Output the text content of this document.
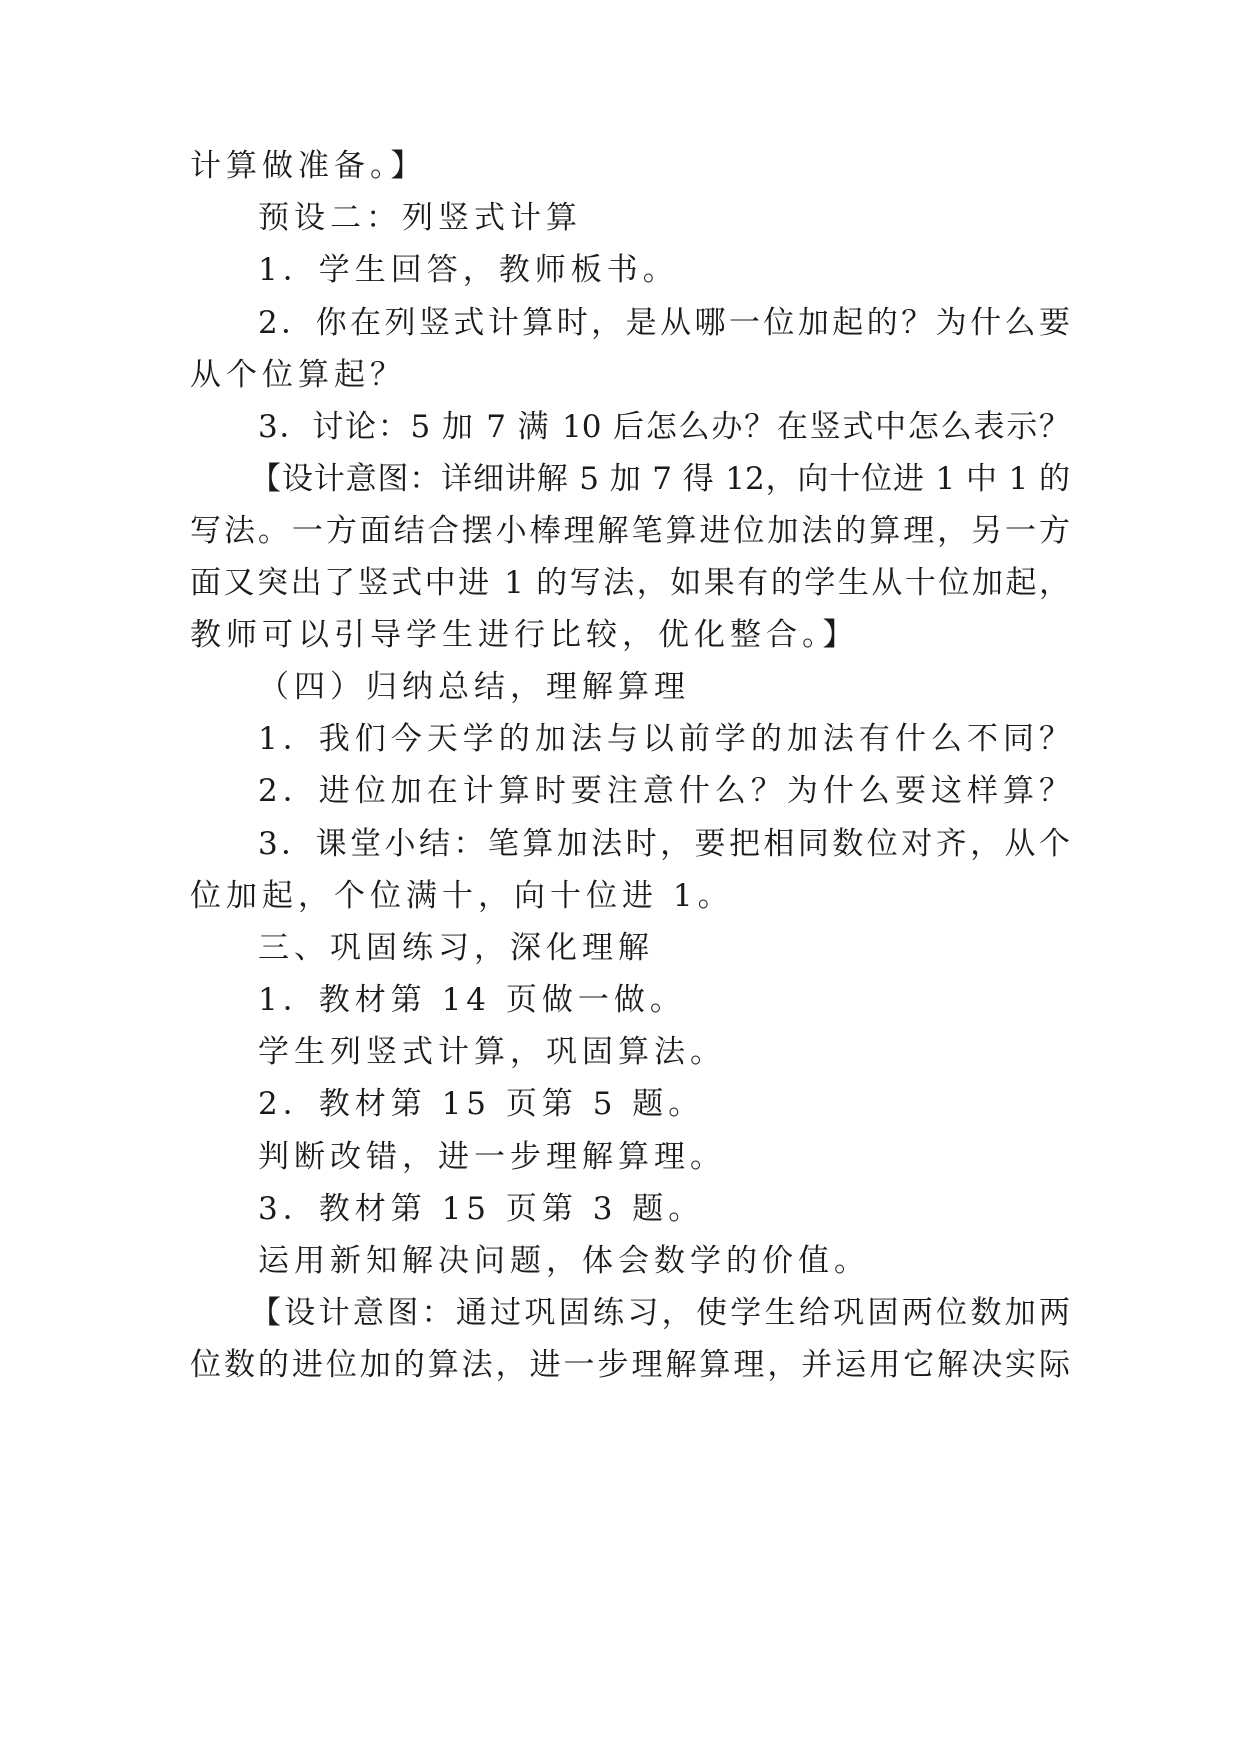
计算做准备。】
预设二：列竖式计算
1．学生回答，教师板书。
2．你在列竖式计算时，是从哪一位加起的？为什么要
从个位算起？
3．讨论：5 加 7 满 10 后怎么办？在竖式中怎么表示？
【设计意图：详细讲解 5 加 7 得 12，向十位进 1 中 1 的
写法。一方面结合摆小棒理解笔算进位加法的算理，另一方
面又突出了竖式中进 1 的写法，如果有的学生从十位加起，
教师可以引导学生进行比较，优化整合。】
（四）归纳总结，理解算理
1．我们今天学的加法与以前学的加法有什么不同？
2．进位加在计算时要注意什么？为什么要这样算？
3．课堂小结：笔算加法时，要把相同数位对齐，从个
位加起，个位满十，向十位进 1。
三、巩固练习，深化理解
1．教材第 14 页做一做。
学生列竖式计算，巩固算法。
2．教材第 15 页第 5 题。
判断改错，进一步理解算理。
3．教材第 15 页第 3 题。
运用新知解决问题，体会数学的价值。
【设计意图：通过巩固练习，使学生给巩固两位数加两
位数的进位加的算法，进一步理解算理，并运用它解决实际
